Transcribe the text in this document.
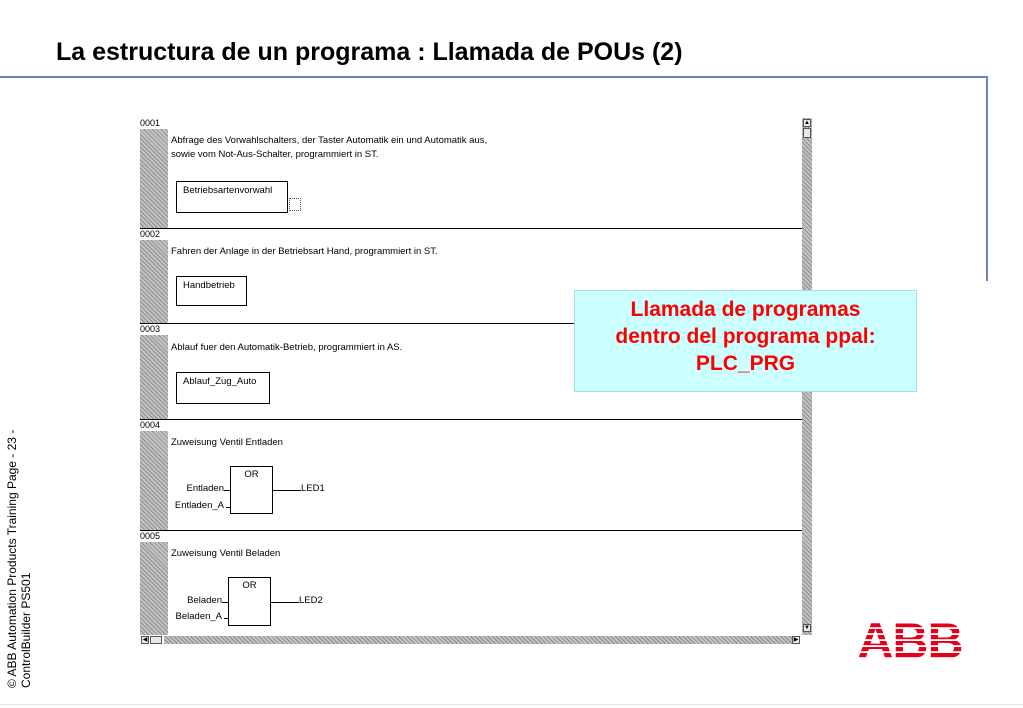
La estructura de un programa : Llamada de POUs (2)
0001
Abfrage des Vorwahlschalters, der Taster Automatik ein und Automatik aus,
sowie vom Not-Aus-Schalter, programmiert in ST.
Betriebsartenvorwahl
0002
Fahren der Anlage in der Betriebsart Hand, programmiert in ST.
Handbetrieb
0003
Ablauf fuer den Automatik-Betrieb, programmiert in AS.
Ablauf_Zug_Auto
0004
Zuweisung Ventil Entladen
OR
Entladen
Entladen_A
LED1
0005
Zuweisung Ventil Beladen
OR
Beladen
Beladen_A
LED2
▲
▼
◀	▶
Llamada de programas
dentro del programa ppal:
PLC_PRG
© ABB Automation Products Training Page - 23 - ControlBuilder PS501	ABB
